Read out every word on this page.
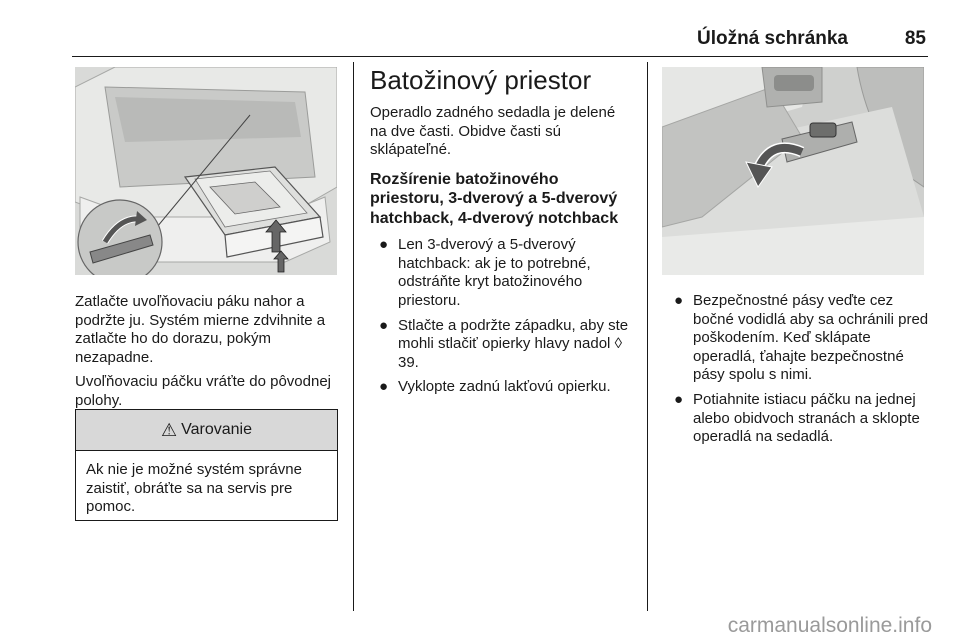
Úložná schránka	85

Zatlačte uvoľňovaciu páku nahor a podržte ju. Systém mierne zdvihnite a zatlačte ho do dorazu, pokým nezapadne.

Uvoľňovaciu páčku vráťte do pôvodnej polohy.

⚠ Varovanie
Ak nie je možné systém správne zaistiť, obráťte sa na servis pre pomoc.
Batožinový priestor

Operadlo zadného sedadla je delené na dve časti. Obidve časti sú sklápateľné.

Rozšírenie batožinového priestoru, 3-dverový a 5-dverový hatchback, 4-dverový notchback
● Len 3-dverový a 5-dverový hatchback: ak je to potrebné, odstráňte kryt batožinového priestoru.
● Stlačte a podržte západku, aby ste mohli stlačiť opierky hlavy nadol ◊ 39.
● Vyklopte zadnú lakťovú opierku.
● Bezpečnostné pásy veďte cez bočné vodidlá aby sa ochránili pred poškodením. Keď sklápate operadlá, ťahajte bezpečnostné pásy spolu s nimi.
● Potiahnite istiacu páčku na jednej alebo obidvoch stranách a sklopte operadlá na sedadlá.
carmanualsonline.info
